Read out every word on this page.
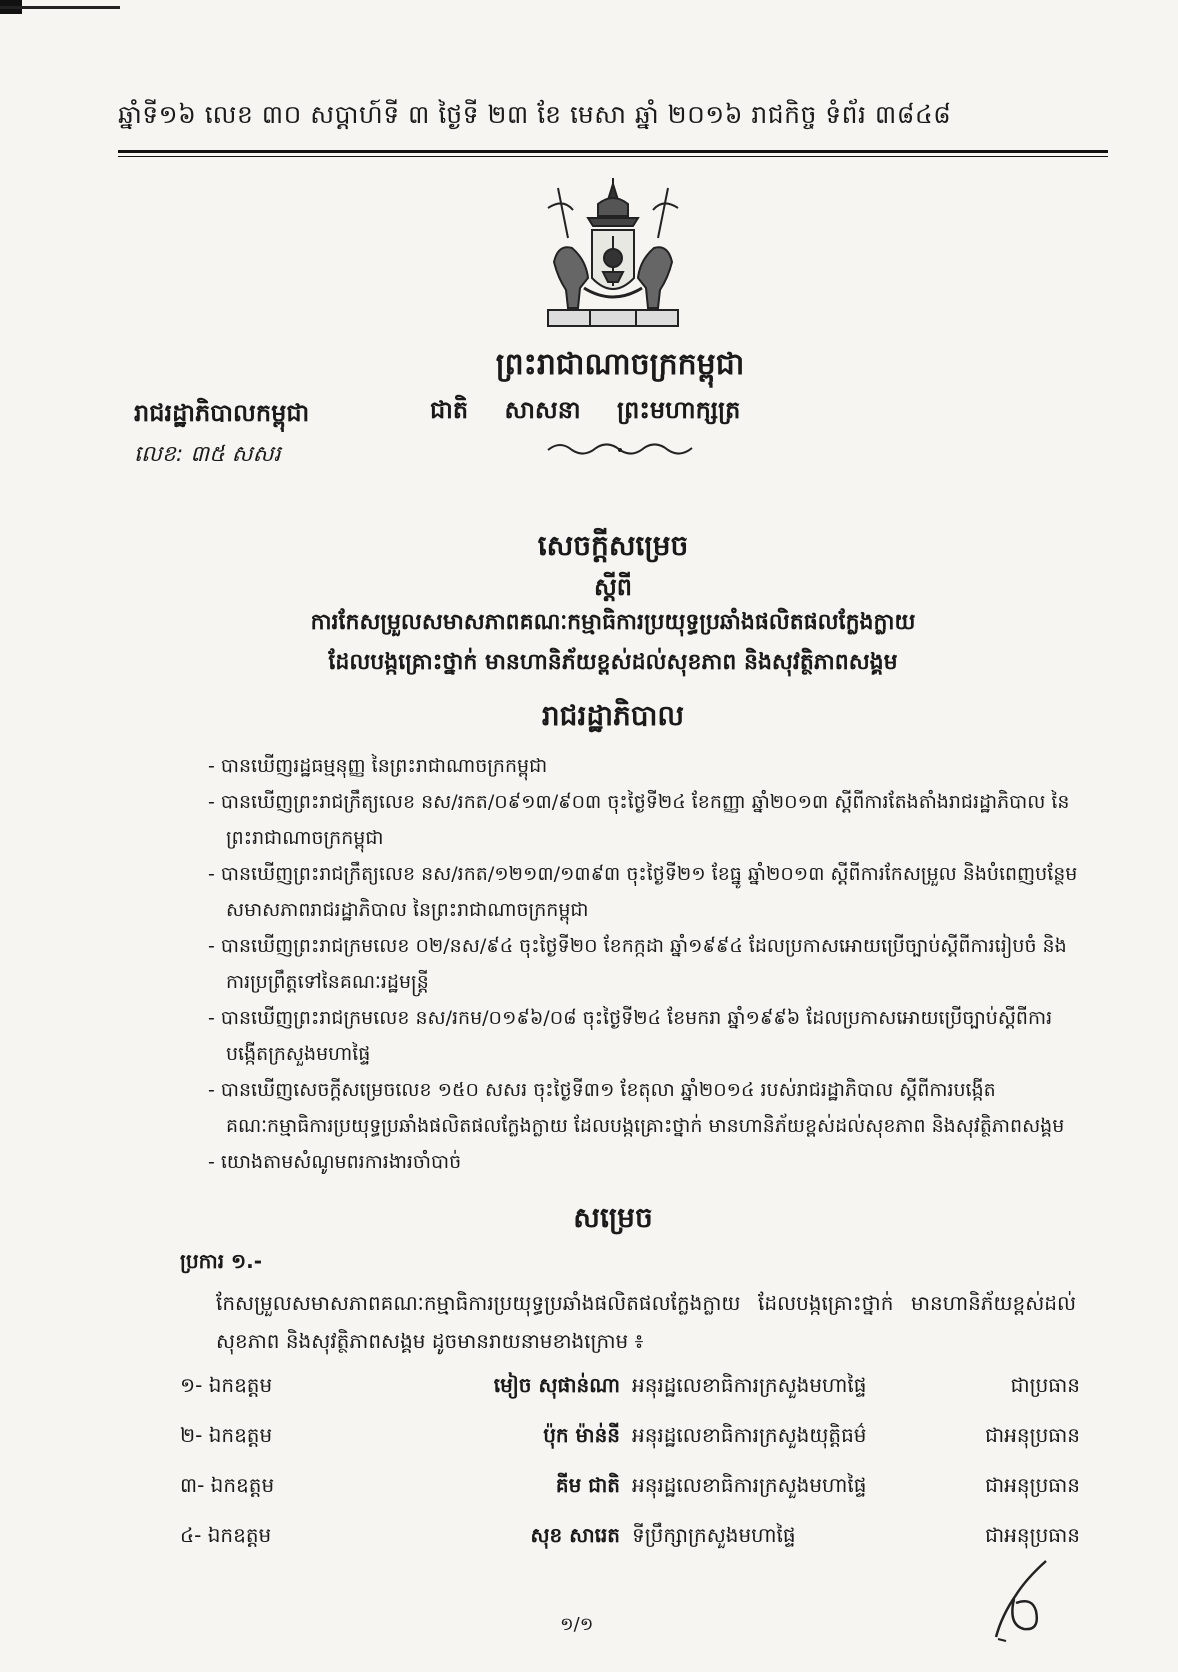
ឆ្នាំទី១៦ លេខ ៣០ សប្តាហ៍ទី ៣ ថ្ងៃទី ២៣ ខែ មេសា ឆ្នាំ ២០១៦ រាជកិច្ច ទំព័រ ៣៨៤៨
ព្រះរាជាណាចក្រកម្ពុជា
ជាតិ សាសនា ព្រះមហាក្សត្រ
រាជរដ្ឋាភិបាលកម្ពុជា
លេខ: ៣៥ សសរ
សេចក្តីសម្រេច
ស្តីពី
ការកែសម្រួលសមាសភាពគណៈកម្មាធិការប្រយុទ្ធប្រឆាំងផលិតផលក្លែងក្លាយ
ដែលបង្កគ្រោះថ្នាក់ មានហានិភ័យខ្ពស់ដល់សុខភាព និងសុវត្ថិភាពសង្គម
រាជរដ្ឋាភិបាល
- បានឃើញរដ្ឋធម្មនុញ្ញ នៃព្រះរាជាណាចក្រកម្ពុជា
- បានឃើញព្រះរាជក្រឹត្យលេខ នស/រកត/០៩១៣/៩០៣ ចុះថ្ងៃទី២៤ ខែកញ្ញា ឆ្នាំ២០១៣ ស្តីពីការតែងតាំងរាជរដ្ឋាភិបាល នៃព្រះរាជាណាចក្រកម្ពុជា
- បានឃើញព្រះរាជក្រឹត្យលេខ នស/រកត/១២១៣/១៣៩៣ ចុះថ្ងៃទី២១ ខែធ្នូ ឆ្នាំ២០១៣ ស្តីពីការកែសម្រួល និងបំពេញបន្ថែមសមាសភាពរាជរដ្ឋាភិបាល នៃព្រះរាជាណាចក្រកម្ពុជា
- បានឃើញព្រះរាជក្រមលេខ ០២/នស/៩៤ ចុះថ្ងៃទី២០ ខែកក្កដា ឆ្នាំ១៩៩៤ ដែលប្រកាសអោយប្រើច្បាប់ស្តីពីការរៀបចំ និងការប្រព្រឹត្តទៅនៃគណៈរដ្ឋមន្ត្រី
- បានឃើញព្រះរាជក្រមលេខ នស/រកម/០១៩៦/០៨ ចុះថ្ងៃទី២៤ ខែមករា ឆ្នាំ១៩៩៦ ដែលប្រកាសអោយប្រើច្បាប់ស្តីពីការបង្កើតក្រសួងមហាផ្ទៃ
- បានឃើញសេចក្តីសម្រេចលេខ ១៥០ សសរ ចុះថ្ងៃទី៣១ ខែតុលា ឆ្នាំ២០១៤ របស់រាជរដ្ឋាភិបាល ស្តីពីការបង្កើតគណៈកម្មាធិការប្រយុទ្ធប្រឆាំងផលិតផលក្លែងក្លាយ ដែលបង្កគ្រោះថ្នាក់ មានហានិភ័យខ្ពស់ដល់សុខភាព និងសុវត្ថិភាពសង្គម
- យោងតាមសំណូមពរការងារចាំបាច់
សម្រេច
ប្រការ ១.-
កែសម្រួលសមាសភាពគណៈកម្មាធិការប្រយុទ្ធប្រឆាំងផលិតផលក្លែងក្លាយ ដែលបង្កគ្រោះថ្នាក់ មានហានិភ័យខ្ពស់ដល់សុខភាព និងសុវត្ថិភាពសង្គម ដូចមានរាយនាមខាងក្រោម ៖
១- ឯកឧត្តម	មៀច សុផាន់ណា អនុរដ្ឋលេខាធិការក្រសួងមហាផ្ទៃ	ជាប្រធាន
២- ឯកឧត្តម	ប៉ុក ម៉ាន់នី អនុរដ្ឋលេខាធិការក្រសួងយុត្តិធម៌	ជាអនុប្រធាន
៣- ឯកឧត្តម	គីម ជាតិ អនុរដ្ឋលេខាធិការក្រសួងមហាផ្ទៃ	ជាអនុប្រធាន
៤- ឯកឧត្តម	សុខ សារេត ទីប្រឹក្សាក្រសួងមហាផ្ទៃ	ជាអនុប្រធាន
១/១
